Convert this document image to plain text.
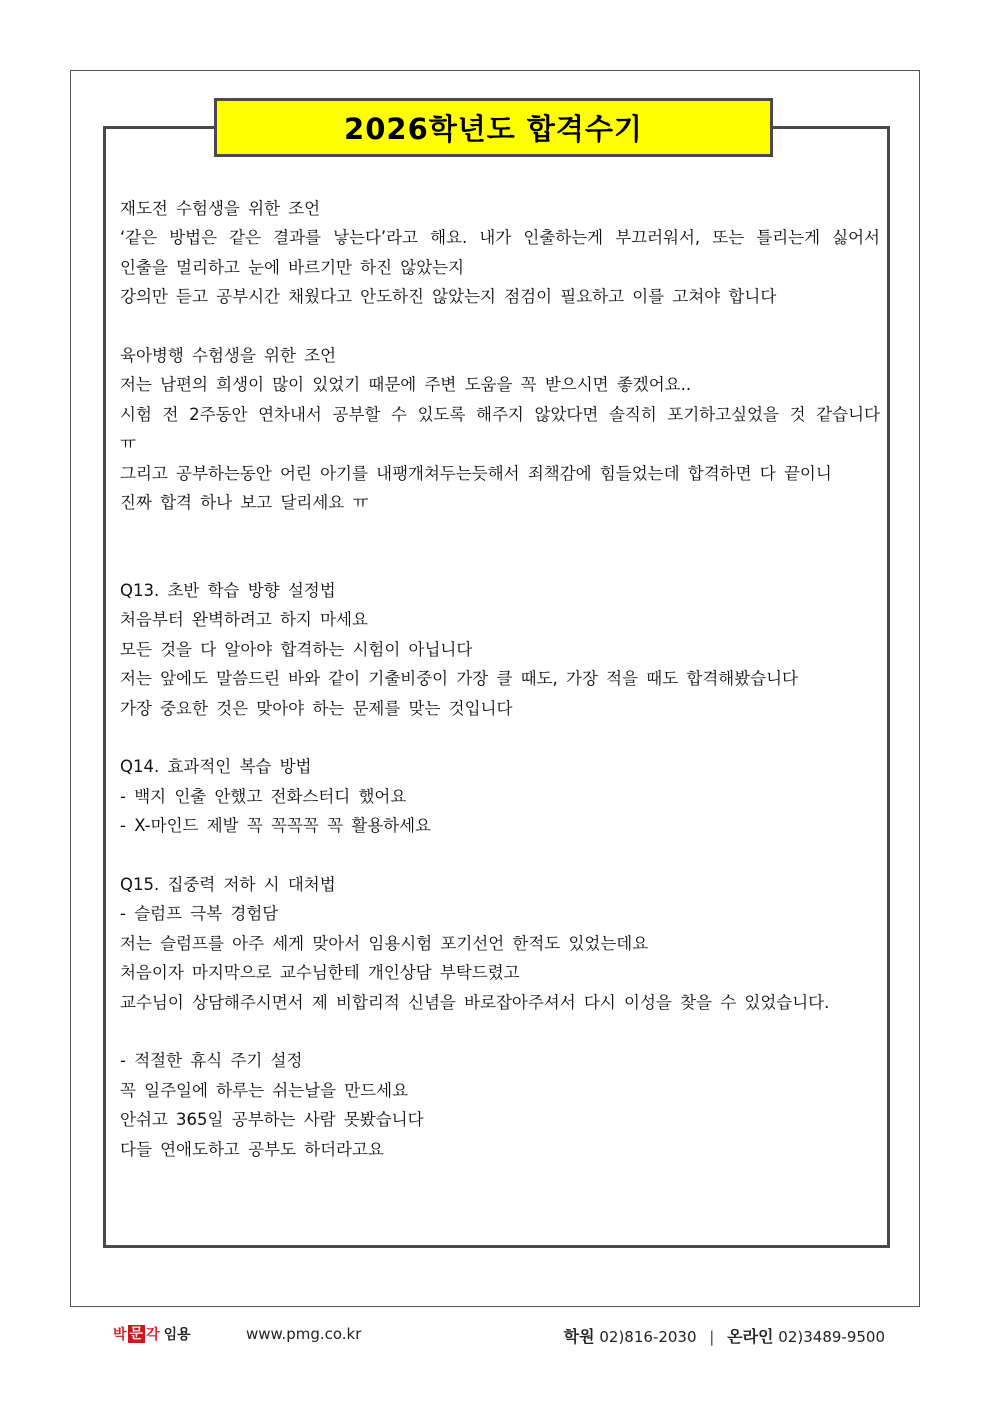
2026학년도 합격수기
재도전 수험생을 위한 조언
‘같은 방법은 같은 결과를 낳는다’라고 해요. 내가 인출하는게 부끄러워서, 또는 틀리는게 싫어서
인출을 멀리하고 눈에 바르기만 하진 않았는지
강의만 듣고 공부시간 채웠다고 안도하진 않았는지 점검이 필요하고 이를 고쳐야 합니다
육아병행 수험생을 위한 조언
저는 남편의 희생이 많이 있었기 때문에 주변 도움을 꼭 받으시면 좋겠어요..
시험 전 2주동안 연차내서 공부할 수 있도록 해주지 않았다면 솔직히 포기하고싶었을 것 같습니다
ㅠ
그리고 공부하는동안 어린 아기를 내팽개쳐두는듯해서 죄책감에 힘들었는데 합격하면 다 끝이니
진짜 합격 하나 보고 달리세요 ㅠ
Q13. 초반 학습 방향 설정법
처음부터 완벽하려고 하지 마세요
모든 것을 다 알아야 합격하는 시험이 아닙니다
저는 앞에도 말씀드린 바와 같이 기출비중이 가장 클 때도, 가장 적을 때도 합격해봤습니다
가장 중요한 것은 맞아야 하는 문제를 맞는 것입니다
Q14. 효과적인 복습 방법
- 백지 인출 안했고 전화스터디 했어요
- X-마인드 제발 꼭 꼭꼭꼭 꼭 활용하세요
Q15. 집중력 저하 시 대처법
- 슬럼프 극복 경험담
저는 슬럼프를 아주 세게 맞아서 임용시험 포기선언 한적도 있었는데요
처음이자 마지막으로 교수님한테 개인상담 부탁드렸고
교수님이 상담해주시면서 제 비합리적 신념을 바로잡아주셔서 다시 이성을 찾을 수 있었습니다.
- 적절한 휴식 주기 설정
꼭 일주일에 하루는 쉬는날을 만드세요
안쉬고 365일 공부하는 사람 못봤습니다
다들 연애도하고 공부도 하더라고요
박 문 각 임용	www.pmg.co.kr	학원 02)816-2030 | 온라인 02)3489-9500
